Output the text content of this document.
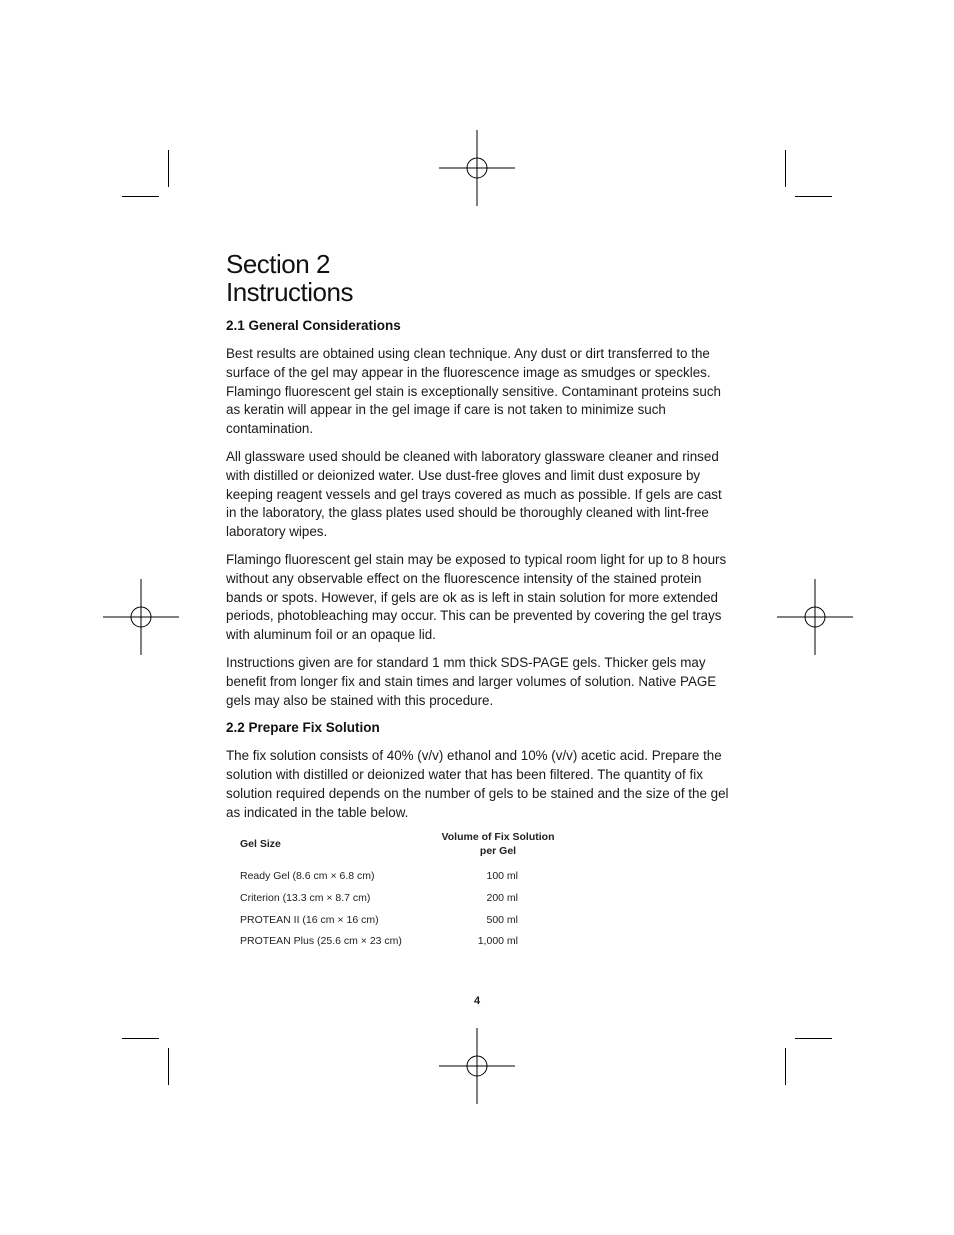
Section 2
Instructions
2.1 General Considerations

Best results are obtained using clean technique. Any dust or dirt transferred to the surface of the gel may appear in the fluorescence image as smudges or speckles. Flamingo fluorescent gel stain is exceptionally sensitive. Contaminant proteins such as keratin will appear in the gel image if care is not taken to minimize such contamination.

All glassware used should be cleaned with laboratory glassware cleaner and rinsed with distilled or deionized water. Use dust-free gloves and limit dust exposure by keeping reagent vessels and gel trays covered as much as possible. If gels are cast in the laboratory, the glass plates used should be thoroughly cleaned with lint-free laboratory wipes.

Flamingo fluorescent gel stain may be exposed to typical room light for up to 8 hours without any observable effect on the fluorescence intensity of the stained protein bands or spots. However, if gels are ok as is left in stain solution for more extended periods, photobleaching may occur. This can be prevented by covering the gel trays with aluminum foil or an opaque lid.

Instructions given are for standard 1 mm thick SDS-PAGE gels. Thicker gels may benefit from longer fix and stain times and larger volumes of solution. Native PAGE gels may also be stained with this procedure.

2.2 Prepare Fix Solution

The fix solution consists of 40% (v/v) ethanol and 10% (v/v) acetic acid. Prepare the solution with distilled or deionized water that has been filtered. The quantity of fix solution required depends on the number of gels to be stained and the size of the gel as indicated in the table below.

Gel Size
Volume of Fix Solution
per Gel
Ready Gel (8.6 cm × 6.8 cm)	100 ml
Criterion (13.3 cm × 8.7 cm)	200 ml
PROTEAN II (16 cm × 16 cm)	500 ml
PROTEAN Plus (25.6 cm × 23 cm)	1,000 ml
4
